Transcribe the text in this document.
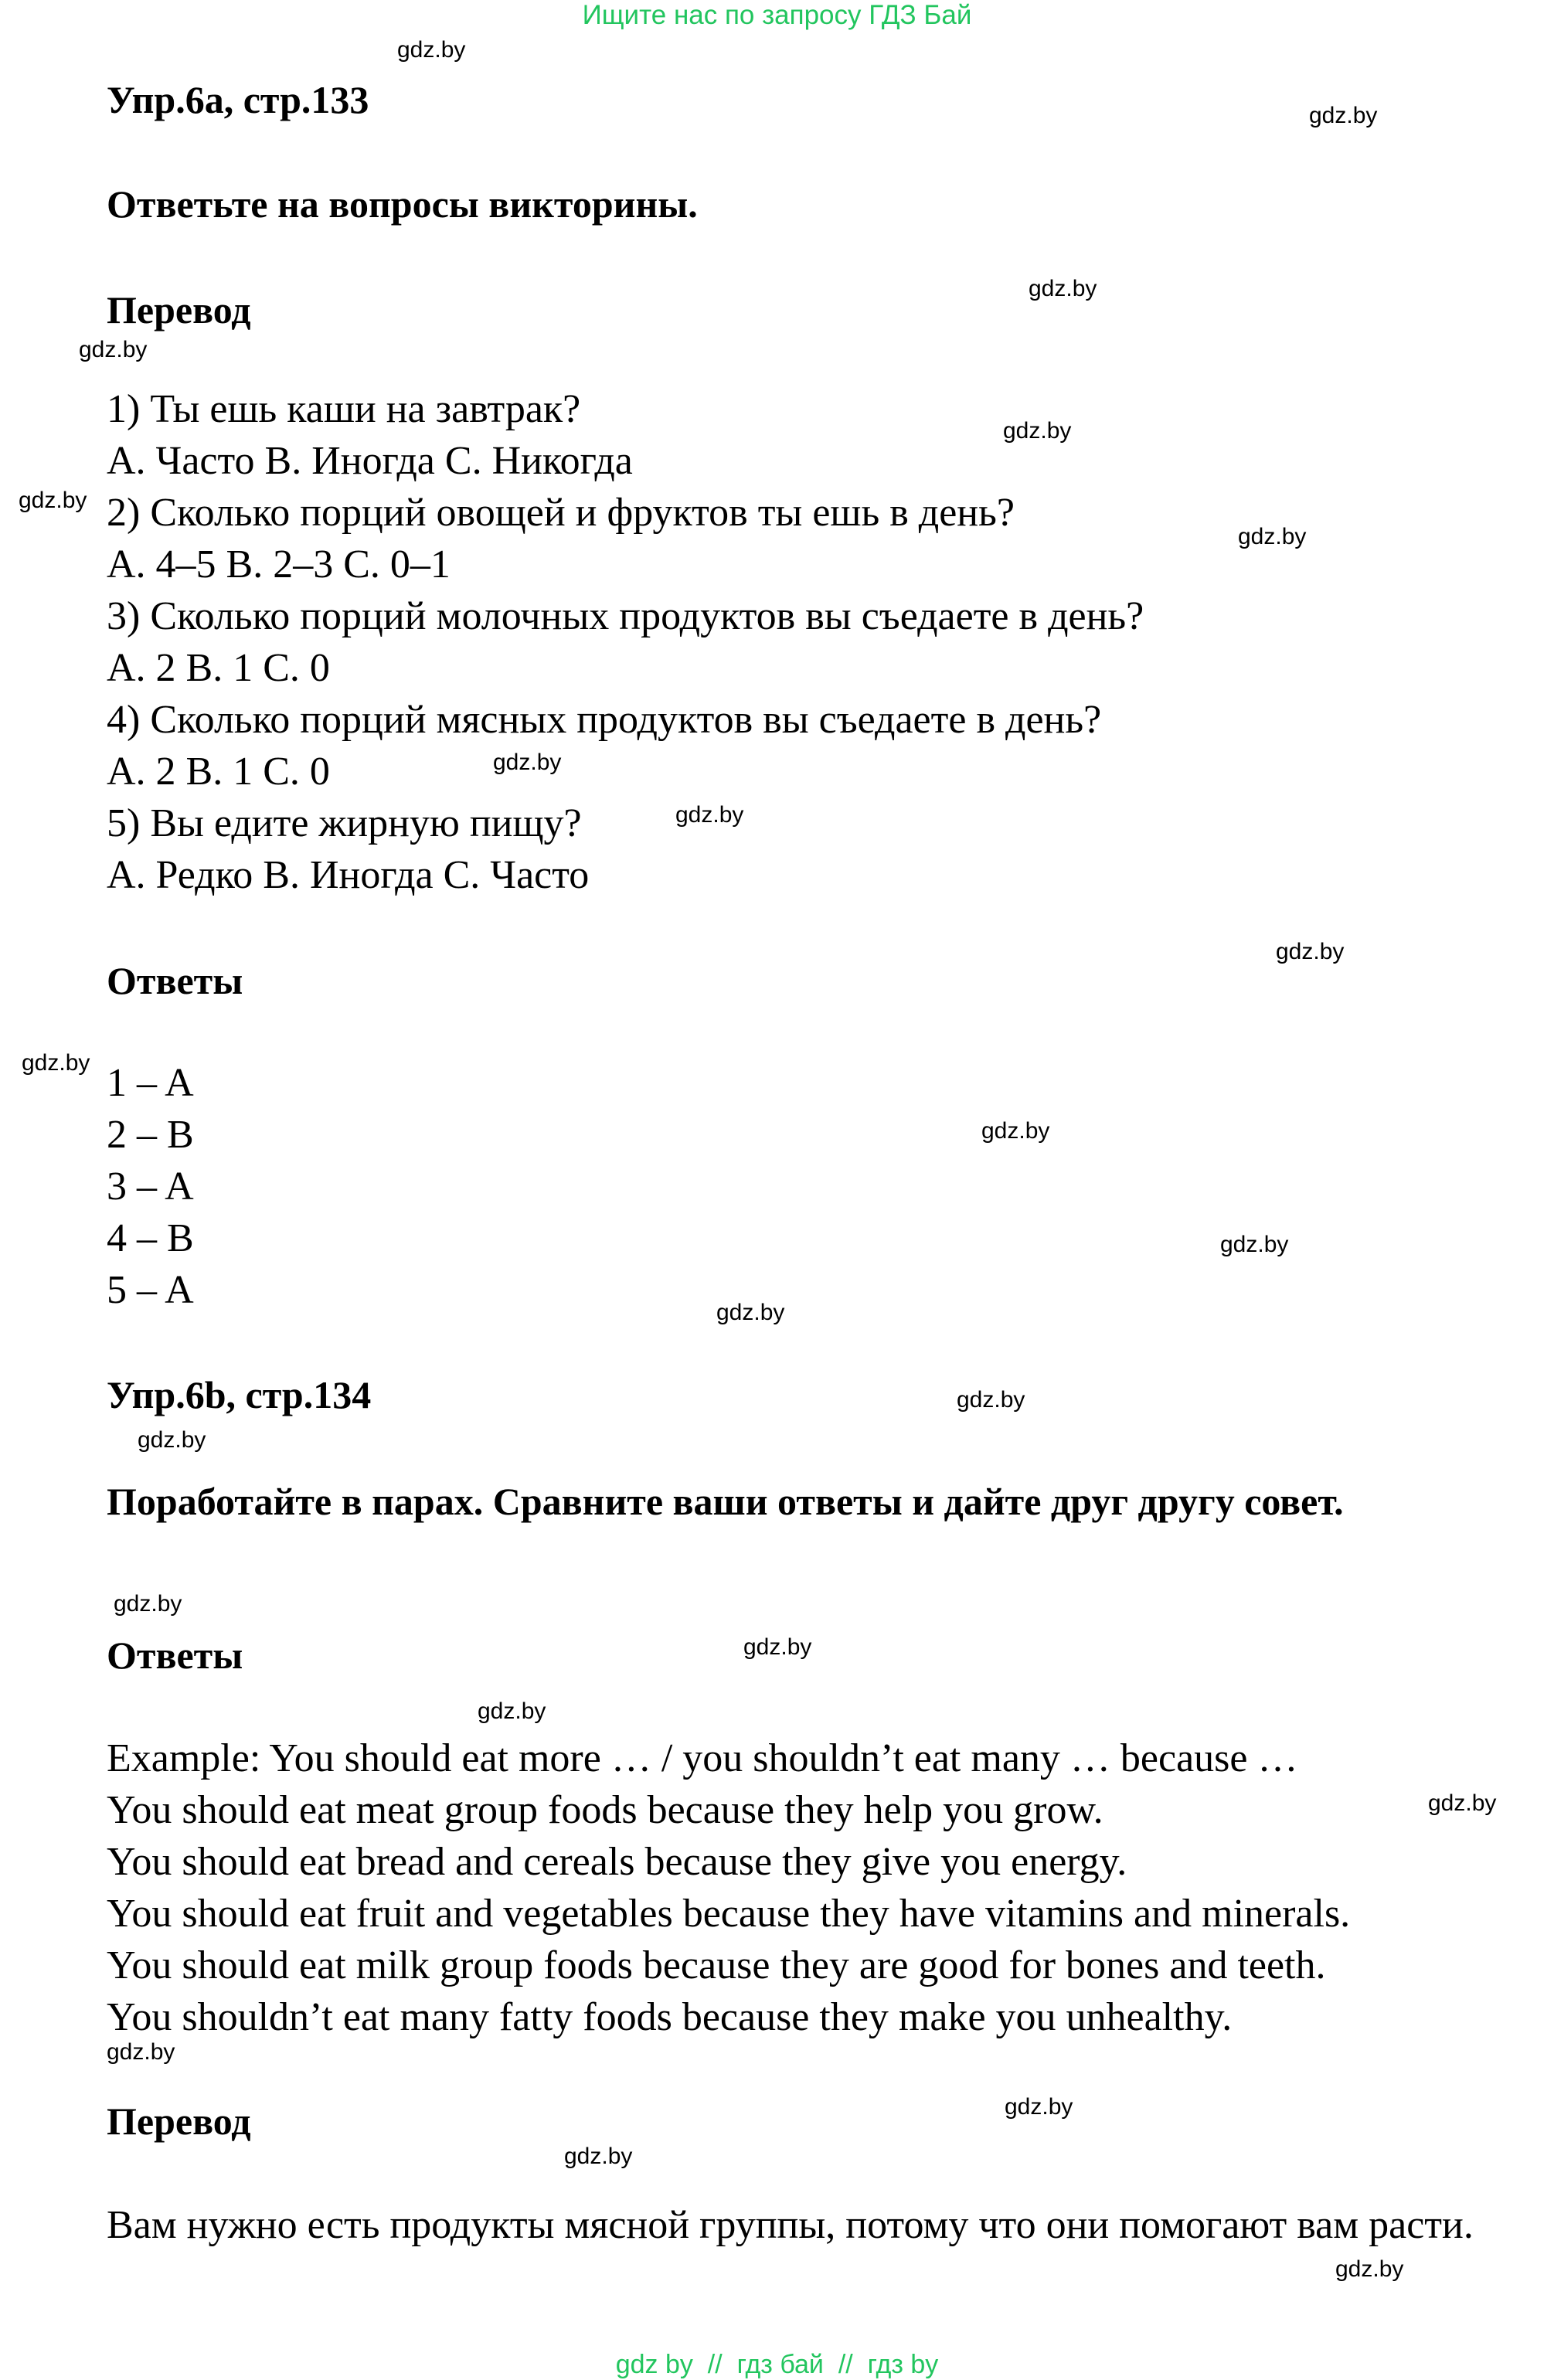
Ищите нас по запросу ГДЗ Бай
Упр.6а, стр.133
Ответьте на вопросы викторины.
Перевод
1) Ты ешь каши на завтрак?
А. Часто В. Иногда С. Никогда
2) Сколько порций овощей и фруктов ты ешь в день?
А. 4–5 В. 2–3 С. 0–1
3) Сколько порций молочных продуктов вы съедаете в день?
А. 2 В. 1 С. 0
4) Сколько порций мясных продуктов вы съедаете в день?
А. 2 В. 1 С. 0
5) Вы едите жирную пищу?
А. Редко В. Иногда С. Часто
Ответы
1 – A
2 – B
3 – A
4 – B
5 – A
Упр.6b, стр.134
Поработайте в парах. Сравните ваши ответы и дайте друг другу совет.
Ответы
Example: You should eat more … / you shouldn’t eat many … because …
You should eat meat group foods because they help you grow.
You should eat bread and cereals because they give you energy.
You should eat fruit and vegetables because they have vitamins and minerals.
You should eat milk group foods because they are good for bones and teeth.
You shouldn’t eat many fatty foods because they make you unhealthy.
Перевод
Вам нужно есть продукты мясной группы, потому что они помогают вам расти.
gdz.by
gdz.by
gdz.by
gdz.by
gdz.by
gdz.by
gdz.by
gdz.by
gdz.by
gdz.by
gdz.by
gdz.by
gdz.by
gdz.by
gdz.by
gdz.by
gdz.by
gdz.by
gdz.by
gdz.by
gdz.by
gdz.by
gdz.by
gdz.by
gdz by  //  гдз бай  //  гдз by
